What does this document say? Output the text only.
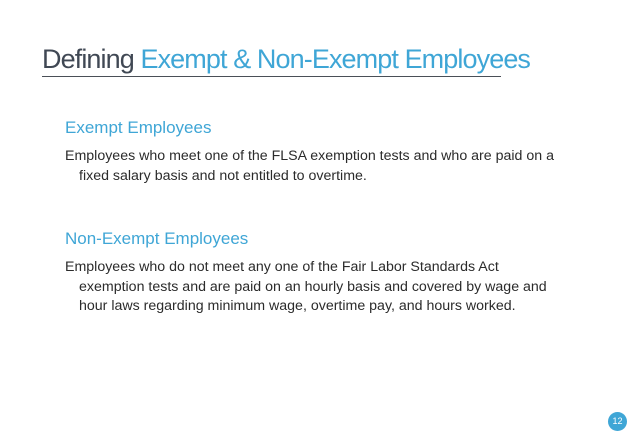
Defining Exempt & Non-Exempt Employees
Exempt Employees

Employees who meet one of the FLSA exemption tests and who are paid on a fixed salary basis and not entitled to overtime.

Non-Exempt Employees

Employees who do not meet any one of the Fair Labor Standards Act exemption tests and are paid on an hourly basis and covered by wage and hour laws regarding minimum wage, overtime pay, and hours worked.

12
